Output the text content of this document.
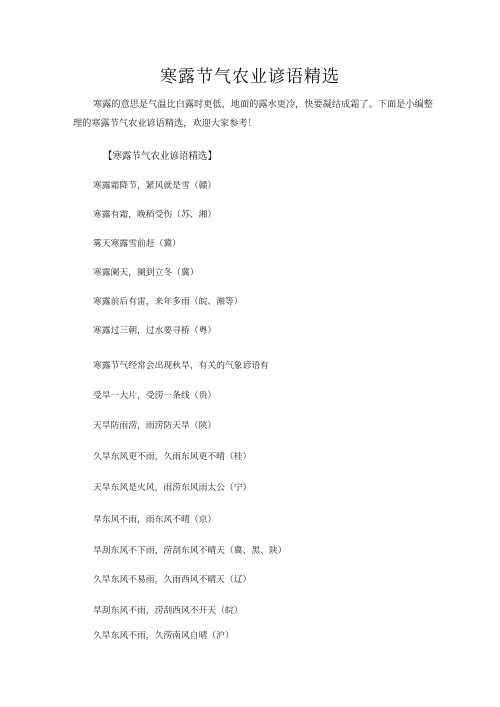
寒露节气农业谚语精选
寒露的意思是气温比白露时更低，地面的露水更冷，快要凝结成霜了。下面是小编整理的寒露节气农业谚语精选，欢迎大家参考！
【寒露节气农业谚语精选】
寒露霜降节，紧风就是雪（赣）
寒露有霜，晚稻受伤（苏、湘）
雾天寒露雪前赶（冀）
寒露阑天，阑到立冬（冀）
寒露前后有雷，来年多雨（皖、湘等）
寒露过三朝，过水要寻桥（粤）
寒露节气经常会出现秋旱，有关的气象谚语有
受旱一大片，受涝一条线（贵）
天旱防雨涝，雨涝防天旱（陕）
久旱东风更不雨，久雨东风更不晴（桂）
天旱东风是火风，雨涝东风雨太公（宁）
旱东风不雨，雨东风不晴（京）
旱刮东风不下雨，涝刮东风不晴天（冀、黑、陕）
久旱东风不易雨，久雨西风不晴天（辽）
旱刮东风不雨，涝刮西风不开天（皖）
久旱东风不雨，久涝南风自晴（沪）
